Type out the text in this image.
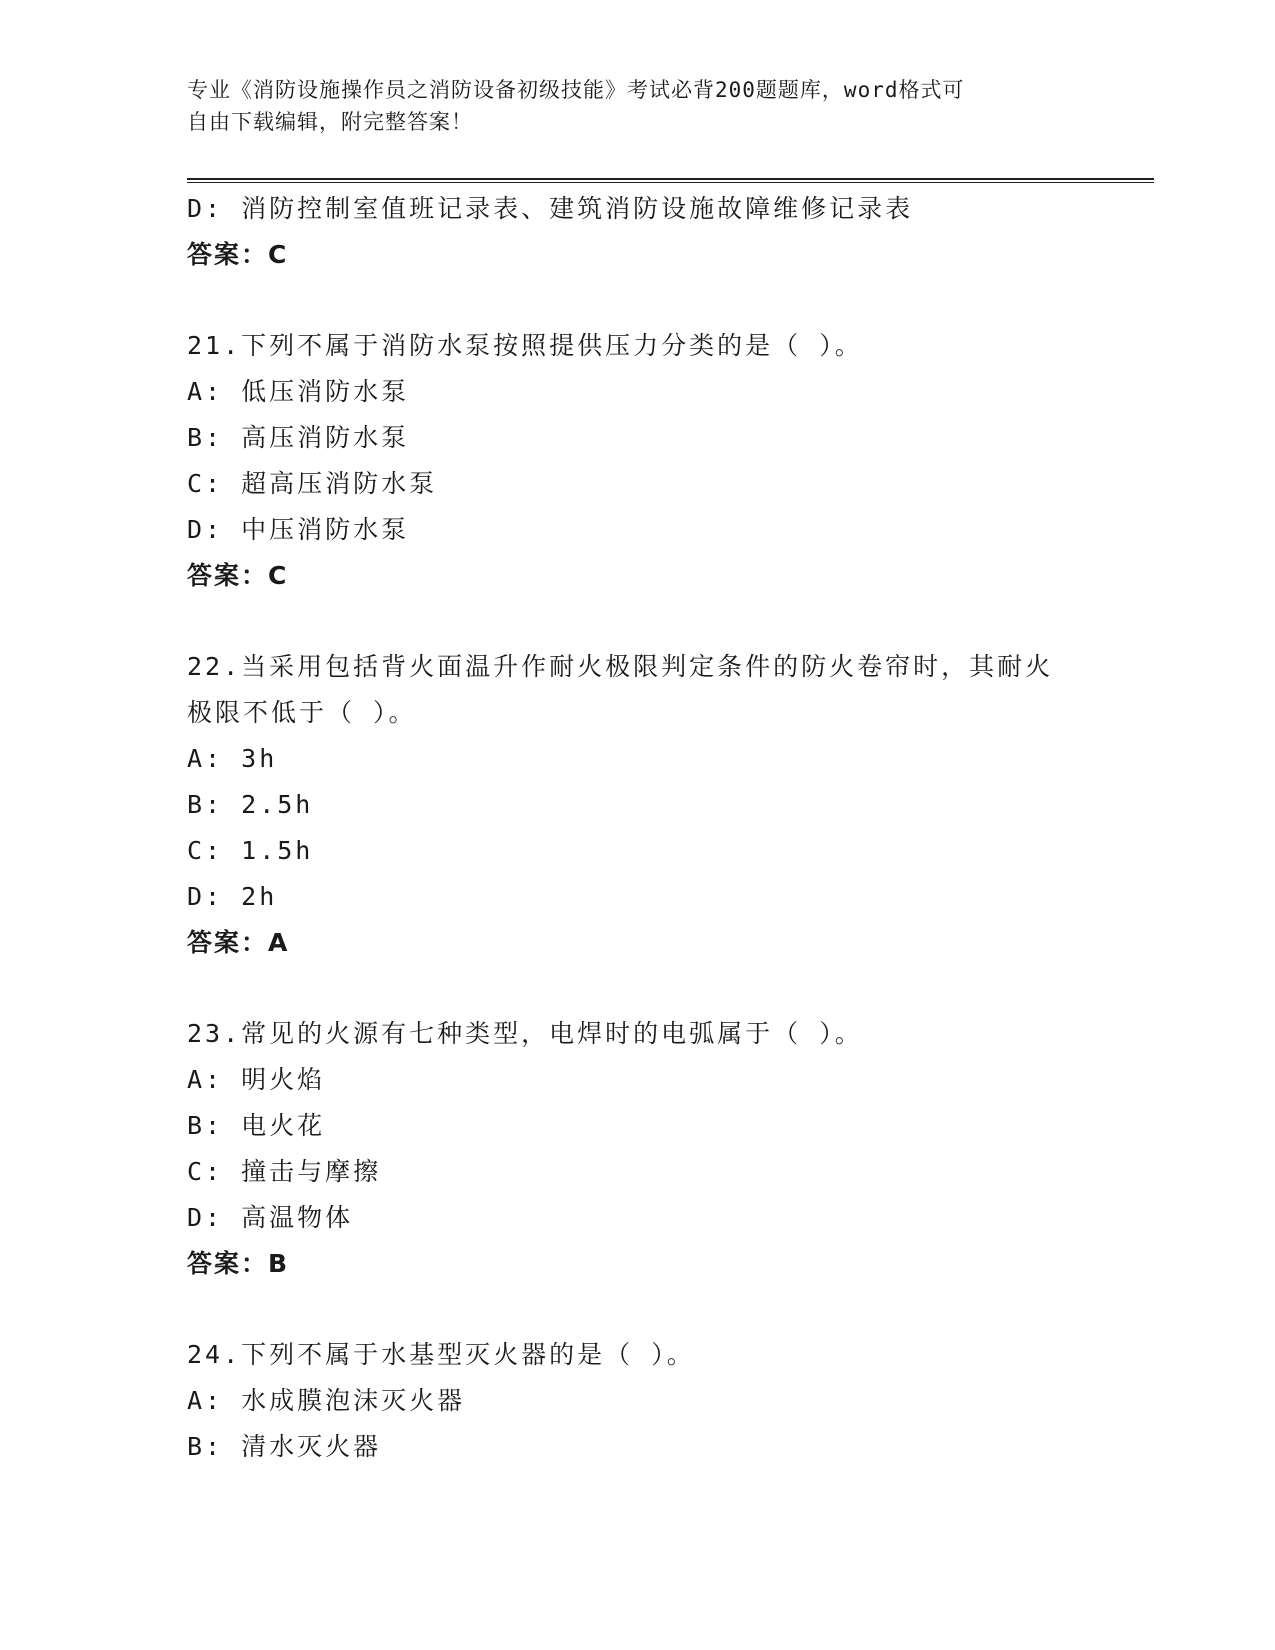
专业《消防设施操作员之消防设备初级技能》考试必背200题题库，word格式可
自由下载编辑，附完整答案！
D: 消防控制室值班记录表、建筑消防设施故障维修记录表
答案：C
21.下列不属于消防水泵按照提供压力分类的是（ ）。
A: 低压消防水泵
B: 高压消防水泵
C: 超高压消防水泵
D: 中压消防水泵
答案：C
22.当采用包括背火面温升作耐火极限判定条件的防火卷帘时，其耐火
极限不低于（ ）。
A: 3h
B: 2.5h
C: 1.5h
D: 2h
答案：A
23.常见的火源有七种类型，电焊时的电弧属于（ ）。
A: 明火焰
B: 电火花
C: 撞击与摩擦
D: 高温物体
答案：B
24.下列不属于水基型灭火器的是（ ）。
A: 水成膜泡沫灭火器
B: 清水灭火器
